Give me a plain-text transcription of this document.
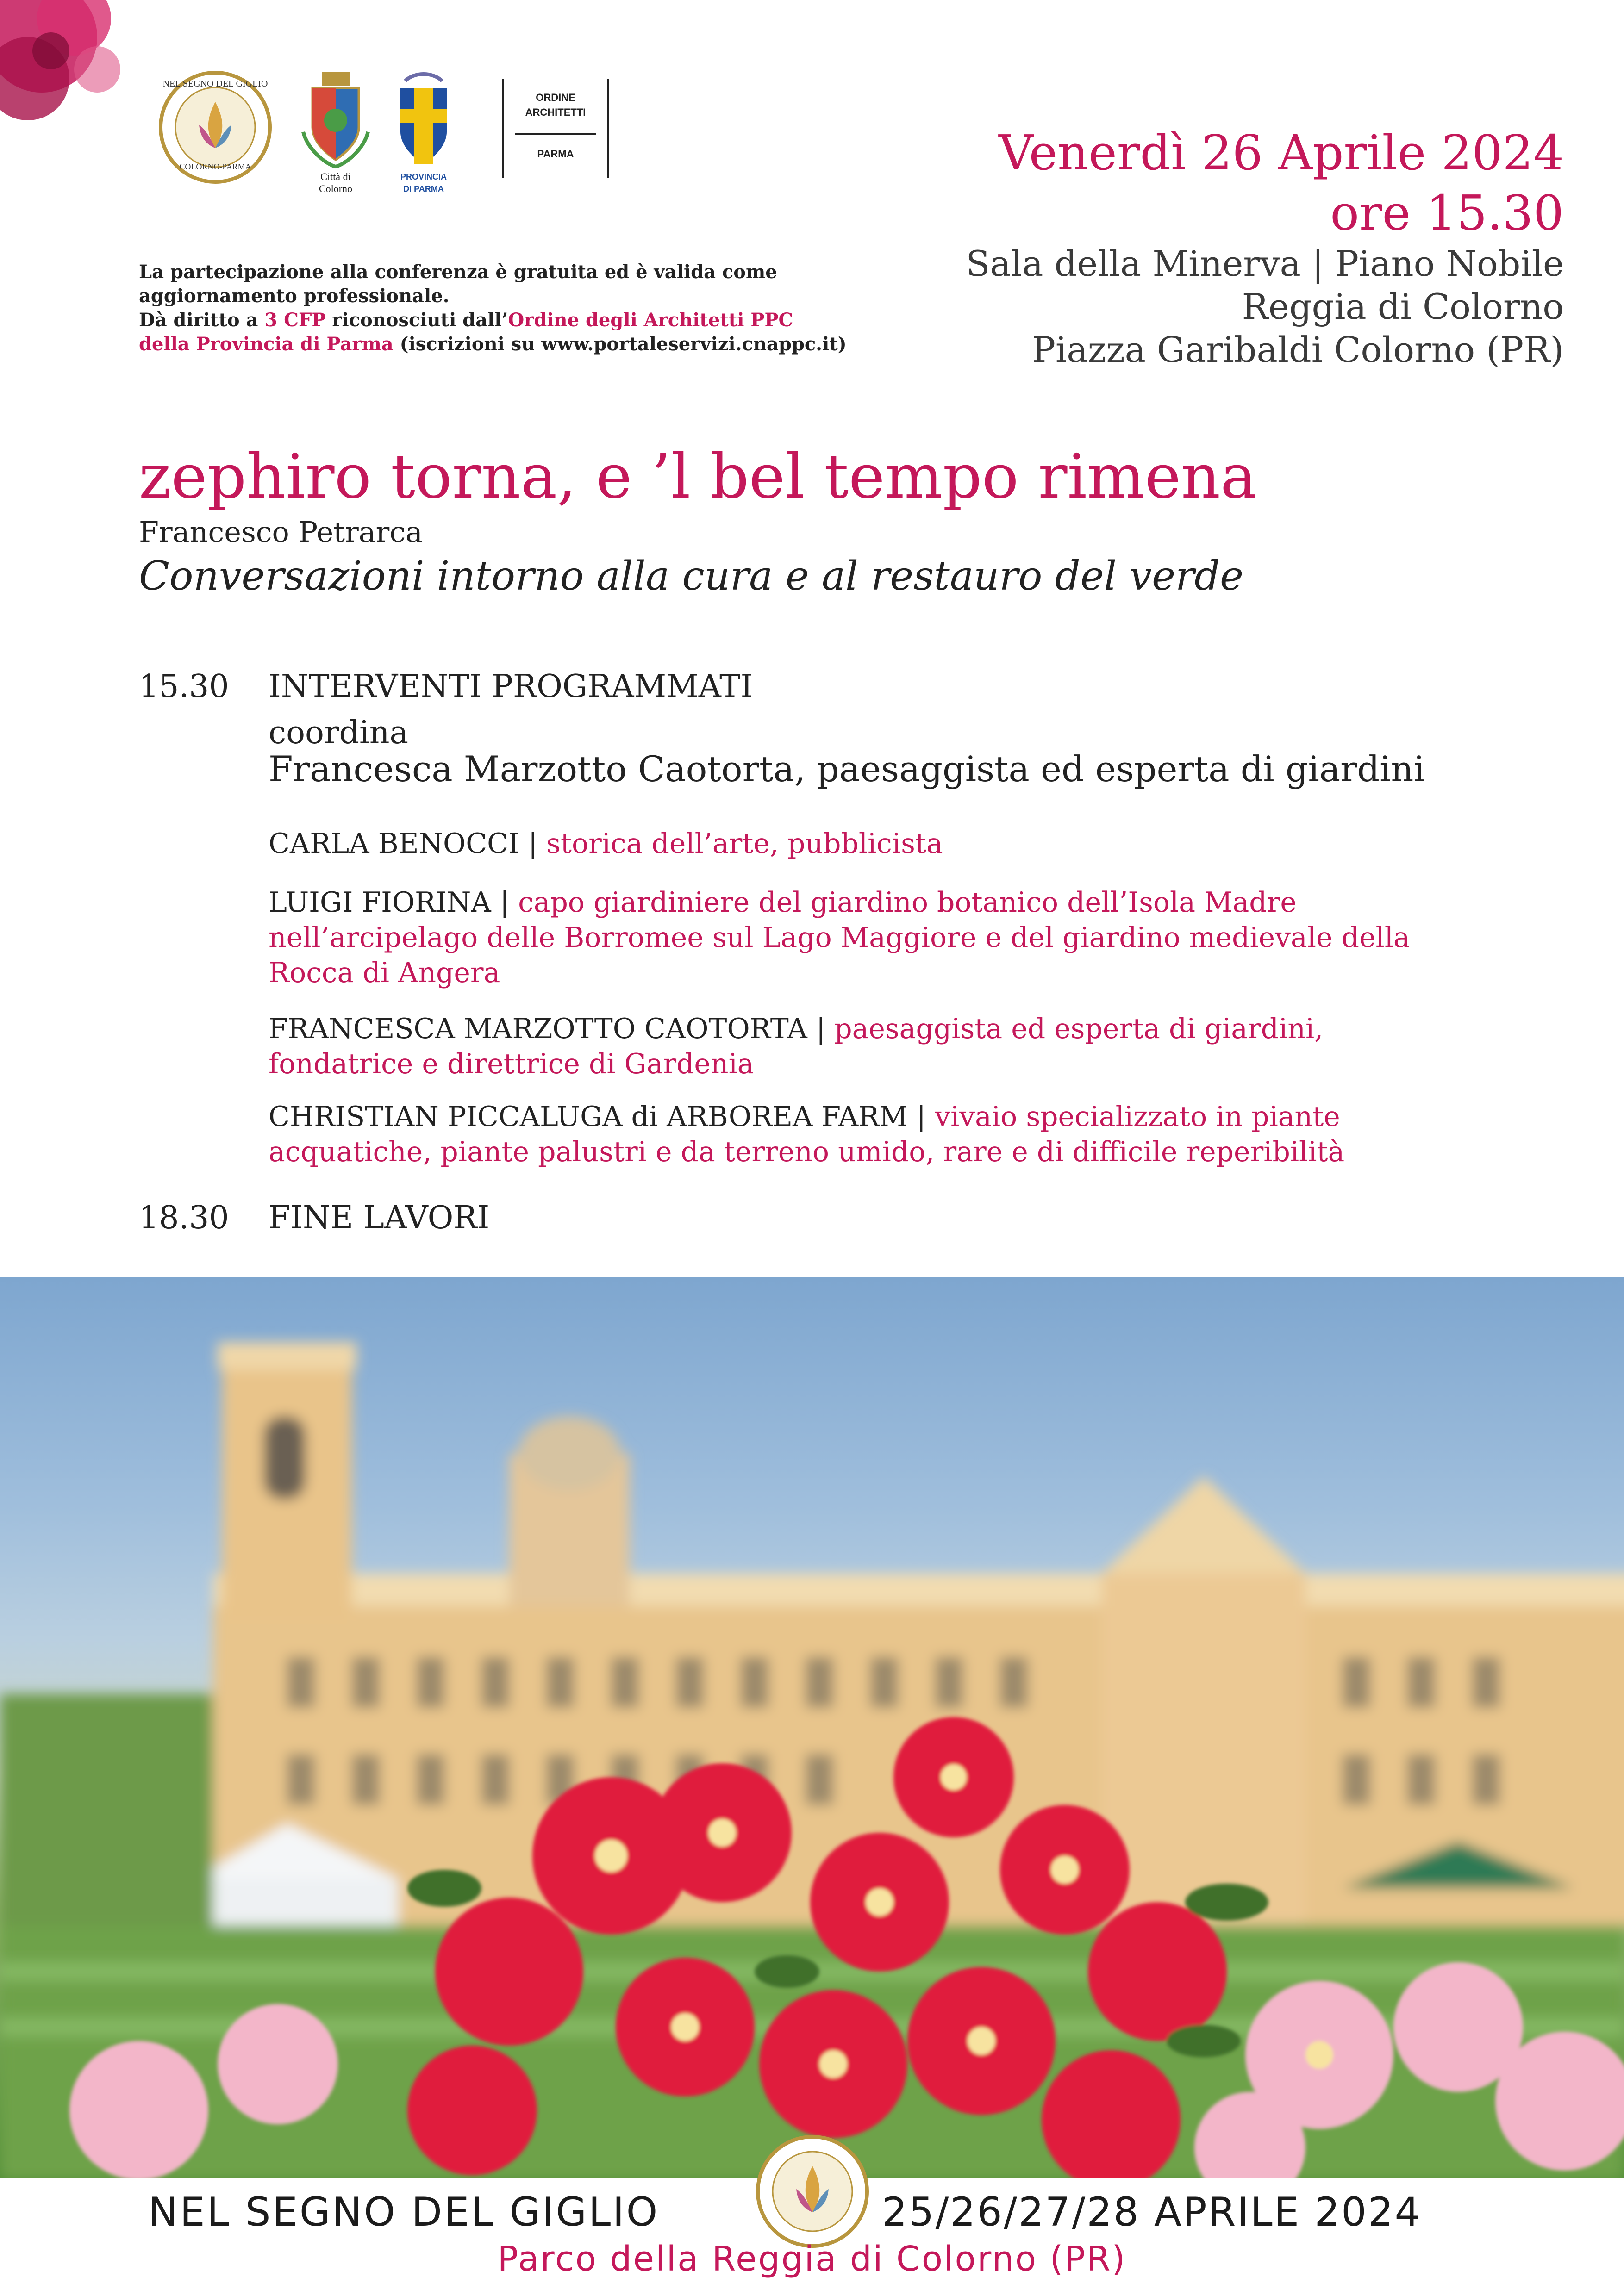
NEL SEGNO DEL GIGLIO
COLORNO-PARMA
Città di
Colorno
PROVINCIA
DI PARMA
ORDINE
ARCHITETTI
PARMA	Venerdì 26 Aprile 2024
ore 15.30
Sala della Minerva | Piano Nobile
Reggia di Colorno
Piazza Garibaldi Colorno (PR)
La partecipazione alla conferenza è gratuita ed è valida come
aggiornamento professionale.
Dà diritto a 3 CFP riconosciuti dall’Ordine degli Architetti PPC
della Provincia di Parma (iscrizioni su www.portaleservizi.cnappc.it)
zephiro torna, e ’l bel tempo rimena
Francesco Petrarca
Conversazioni intorno alla cura e al restauro del verde
15.30 INTERVENTI PROGRAMMATI
coordina
Francesca Marzotto Caotorta, paesaggista ed esperta di giardini
CARLA BENOCCI | storica dell’arte, pubblicista
LUIGI FIORINA | capo giardiniere del giardino botanico dell’Isola Madre
nell’arcipelago delle Borromee sul Lago Maggiore e del giardino medievale della
Rocca di Angera
FRANCESCA MARZOTTO CAOTORTA | paesaggista ed esperta di giardini,
fondatrice e direttrice di Gardenia
CHRISTIAN PICCALUGA di ARBOREA FARM | vivaio specializzato in piante
acquatiche, piante palustri e da terreno umido, rare e di difficile reperibilità
18.30 FINE LAVORI
NEL SEGNO DEL GIGLIO	25/26/27/28 APRILE 2024
Parco della Reggia di Colorno (PR)
